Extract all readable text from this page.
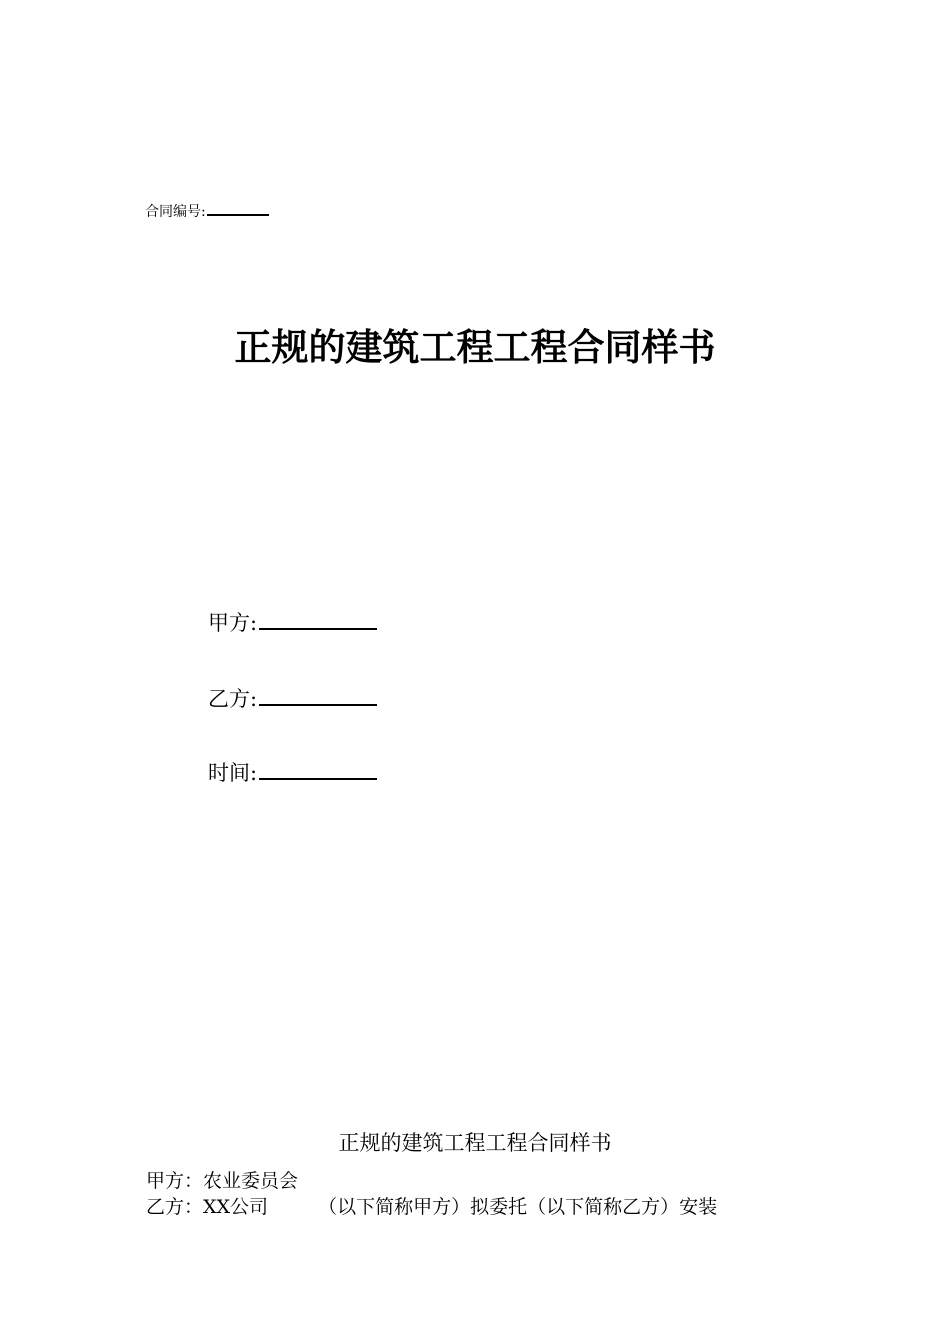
合同编号:
正规的建筑工程工程合同样书
甲方:
乙方:
时间:
正规的建筑工程工程合同样书
甲方：农业委员会
乙方：XX公司	（以下简称甲方）拟委托（以下简称乙方）安装
